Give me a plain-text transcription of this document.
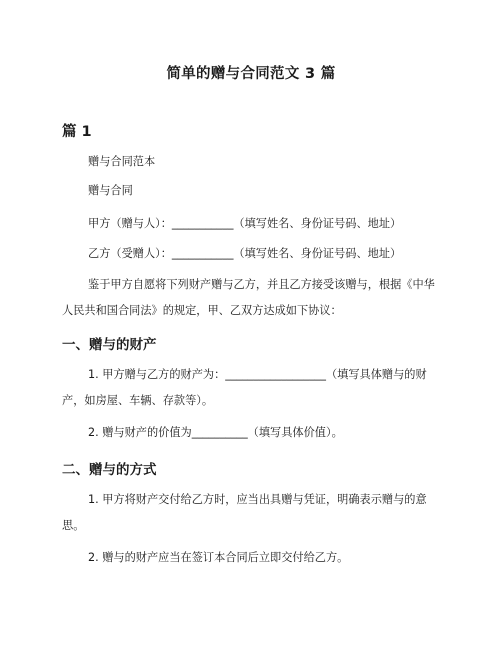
简单的赠与合同范文 3 篇
篇 1
赠与合同范本
赠与合同
甲方（赠与人）：___________（填写姓名、身份证号码、地址）
乙方（受赠人）：___________（填写姓名、身份证号码、地址）
鉴于甲方自愿将下列财产赠与乙方，并且乙方接受该赠与，根据《中华人民共和国合同法》的规定，甲、乙双方达成如下协议：
一、赠与的财产
1. 甲方赠与乙方的财产为：__________________（填写具体赠与的财产，如房屋、车辆、存款等）。
2. 赠与财产的价值为__________（填写具体价值）。
二、赠与的方式
1. 甲方将财产交付给乙方时，应当出具赠与凭证，明确表示赠与的意思。
2. 赠与的财产应当在签订本合同后立即交付给乙方。
